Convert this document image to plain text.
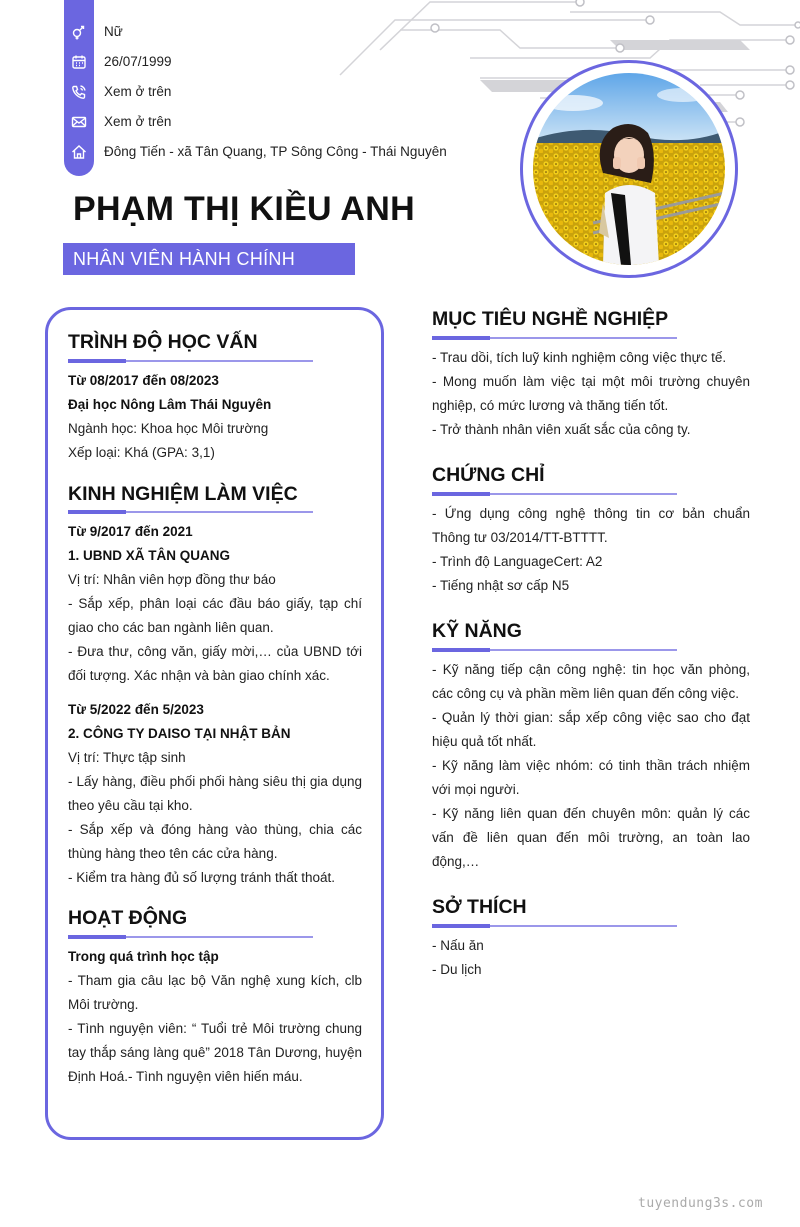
Nữ
26/07/1999
Xem ở trên
Xem ở trên
Đông Tiến - xã Tân Quang, TP Sông Công - Thái Nguyên
PHẠM THỊ KIỀU ANH
NHÂN VIÊN HÀNH CHÍNH
TRÌNH ĐỘ HỌC VẤN

Từ 08/2017 đến 08/2023

Đại học Nông Lâm Thái Nguyên

Ngành học: Khoa học Môi trường

Xếp loại: Khá (GPA: 3,1)

KINH NGHIỆM LÀM VIỆC

Từ 9/2017 đến 2021

1. UBND XÃ TÂN QUANG

Vị trí: Nhân viên hợp đồng thư báo

- Sắp xếp, phân loại các đầu báo giấy, tạp chí giao cho các ban ngành liên quan.

- Đưa thư, công văn, giấy mời,… của UBND tới đối tượng. Xác nhận và bàn giao chính xác.

Từ 5/2022 đến 5/2023

2. CÔNG TY DAISO TẠI NHẬT BẢN

Vị trí: Thực tập sinh

- Lấy hàng, điều phối phối hàng siêu thị gia dụng theo yêu cầu tại kho.

- Sắp xếp và đóng hàng vào thùng, chia các thùng hàng theo tên các cửa hàng.

- Kiểm tra hàng đủ số lượng tránh thất thoát.

HOẠT ĐỘNG

Trong quá trình học tập

- Tham gia câu lạc bộ Văn nghệ xung kích, clb Môi trường.

- Tình nguyện viên: “ Tuổi trẻ Môi trường chung tay thắp sáng làng quê” 2018 Tân Dương, huyện Định Hoá.- Tình nguyện viên hiến máu.

MỤC TIÊU NGHỀ NGHIỆP

- Trau dồi, tích luỹ kinh nghiệm công việc thực tế.

- Mong muốn làm việc tại một môi trường chuyên nghiệp, có mức lương và thăng tiến tốt.

- Trở thành nhân viên xuất sắc của công ty.

CHỨNG CHỈ

- Ứng dụng công nghệ thông tin cơ bản chuẩn Thông tư 03/2014/TT-BTTTT.

- Trình độ LanguageCert: A2

- Tiếng nhật sơ cấp N5

KỸ NĂNG

- Kỹ năng tiếp cận công nghệ: tin học văn phòng, các công cụ và phần mềm liên quan đến công việc.

- Quản lý thời gian: sắp xếp công việc sao cho đạt hiệu quả tốt nhất.

- Kỹ năng làm việc nhóm: có tinh thần trách nhiệm với mọi người.

- Kỹ năng liên quan đến chuyên môn: quản lý các vấn đề liên quan đến môi trường, an toàn lao động,…

SỞ THÍCH

- Nấu ăn

- Du lịch

tuyendung3s.com
